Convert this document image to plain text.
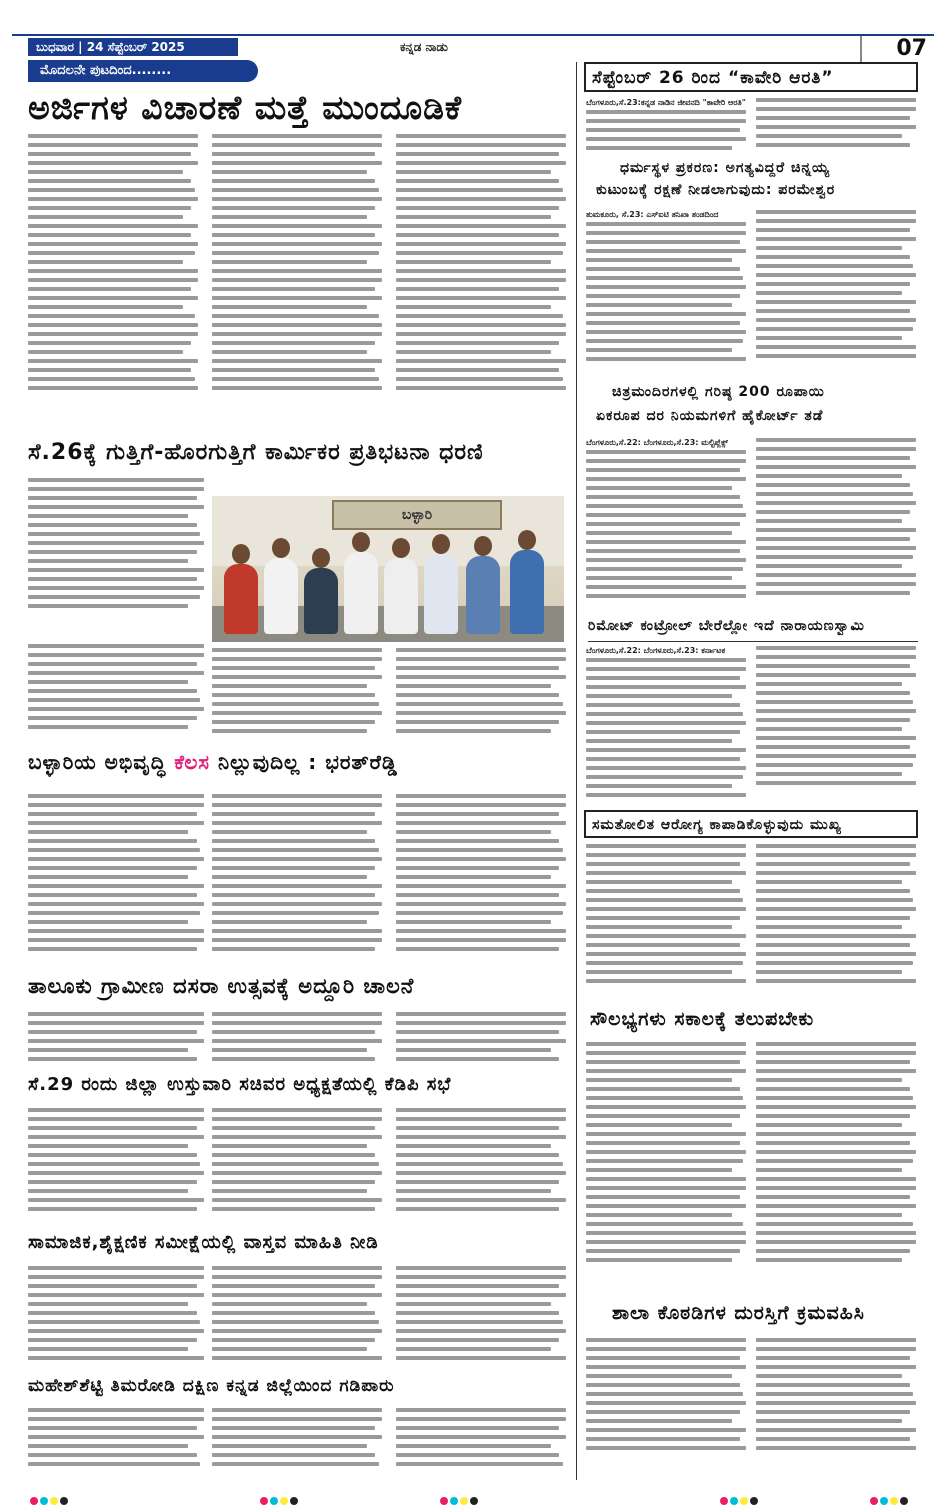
ಬುಧವಾರ | 24 ಸೆಪ್ಟೆಂಬರ್ 2025	ಕನ್ನಡ ನಾಡು	07
ಮೊದಲನೇ ಪುಟದಿಂದ........
ಅರ್ಜಿಗಳ ವಿಚಾರಣೆ ಮತ್ತೆ ಮುಂದೂಡಿಕೆ
ಸೆಪ್ಟೆಂಬರ್ 26 ರಿಂದ “ಕಾವೇರಿ ಆರತಿ”
ಬೆಂಗಳೂರು,ಸೆ.23:ಕನ್ನಡ ನಾಡಿನ ಜೀವನದಿ "ಕಾವೇರಿ ಆರತಿ"
ಧರ್ಮಸ್ಥಳ ಪ್ರಕರಣ: ಅಗತ್ಯವಿದ್ದರೆ ಚಿನ್ನಯ್ಯ
ಕುಟುಂಬಕ್ಕೆ ರಕ್ಷಣೆ ನೀಡಲಾಗುವುದು: ಪರಮೇಶ್ವರ
ತುಮಕೂರು, ಸೆ.23: ಎಸ್ಐಟಿ ತನಿಖಾ ತಂಡದಿಂದ
ಸೆ.26ಕ್ಕೆ ಗುತ್ತಿಗೆ-ಹೊರಗುತ್ತಿಗೆ ಕಾರ್ಮಿಕರ ಪ್ರತಿಭಟನಾ ಧರಣಿ
ಬಳ್ಳಾರಿ
ಚಿತ್ರಮಂದಿರಗಳಲ್ಲಿ ಗರಿಷ್ಠ 200 ರೂಪಾಯಿ
ಏಕರೂಪ ದರ ನಿಯಮಗಳಿಗೆ ಹೈಕೋರ್ಟ್ ತಡೆ
ಬೆಂಗಳೂರು,ಸೆ.22: ಬೆಂಗಳೂರು,ಸೆ.23: ಮಲ್ಟಿಪ್ಲೆಕ್ಸ್
ರಿಮೋಟ್ ಕಂಟ್ರೋಲ್ ಬೇರೆಲ್ಲೋ ಇದೆ ನಾರಾಯಣಸ್ವಾಮಿ
ಬೆಂಗಳೂರು,ಸೆ.22: ಬೆಂಗಳೂರು,ಸೆ.23: ಕರ್ನಾಟಕ
ಬಳ್ಳಾರಿಯ ಅಭಿವೃದ್ಧಿ ಕೆಲಸ ನಿಲ್ಲುವುದಿಲ್ಲ : ಭರತ್‌ರೆಡ್ಡಿ
ಸಮತೋಲಿತ ಆರೋಗ್ಯ ಕಾಪಾಡಿಕೊಳ್ಳುವುದು ಮುಖ್ಯ
ತಾಲೂಕು ಗ್ರಾಮೀಣ ದಸರಾ ಉತ್ಸವಕ್ಕೆ ಅದ್ದೂರಿ ಚಾಲನೆ
ಸೆ.29 ರಂದು ಜಿಲ್ಲಾ ಉಸ್ತುವಾರಿ ಸಚಿವರ ಅಧ್ಯಕ್ಷತೆಯಲ್ಲಿ ಕೆಡಿಪಿ ಸಭೆ
ಸೌಲಭ್ಯಗಳು ಸಕಾಲಕ್ಕೆ ತಲುಪಬೇಕು
ಸಾಮಾಜಿಕ,ಶೈಕ್ಷಣಿಕ ಸಮೀಕ್ಷೆಯಲ್ಲಿ ವಾಸ್ತವ ಮಾಹಿತಿ ನೀಡಿ
ಶಾಲಾ ಕೊಠಡಿಗಳ ದುರಸ್ತಿಗೆ ಕ್ರಮವಹಿಸಿ
ಮಹೇಶ್‌ಶೆಟ್ಟಿ ತಿಮರೋಡಿ ದಕ್ಷಿಣ ಕನ್ನಡ ಜಿಲ್ಲೆಯಿಂದ ಗಡಿಪಾರು
